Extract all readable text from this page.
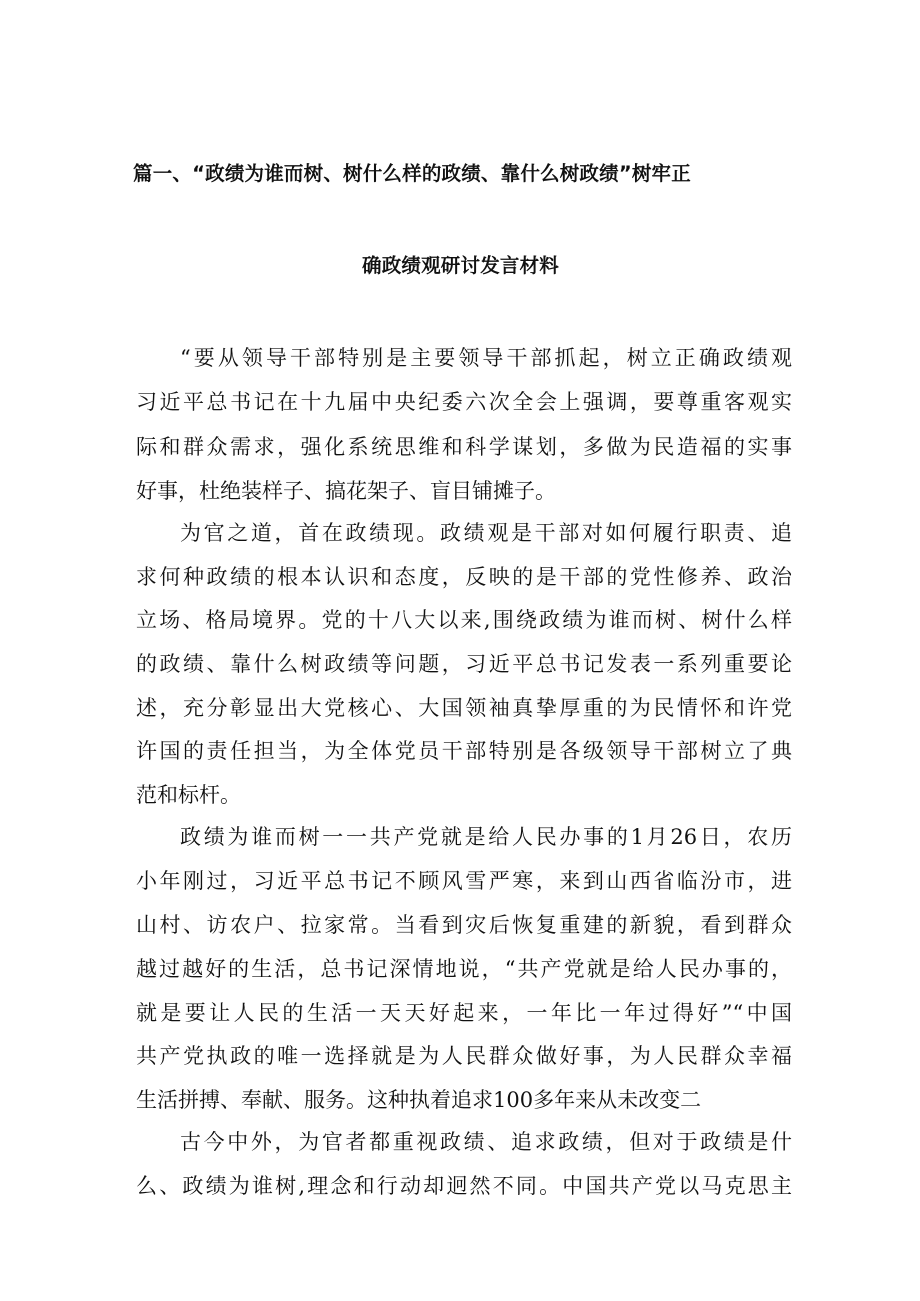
篇一、“政绩为谁而树、树什么样的政绩、靠什么树政绩”树牢正
确政绩观研讨发言材料
“要从领导干部特别是主要领导干部抓起，树立正确政绩观
习近平总书记在十九届中央纪委六次全会上强调，要尊重客观实
际和群众需求，强化系统思维和科学谋划，多做为民造福的实事
好事，杜绝装样子、搞花架子、盲目铺摊子。
为官之道，首在政绩现。政绩观是干部对如何履行职责、追
求何种政绩的根本认识和态度，反映的是干部的党性修养、政治
立场、格局境界。党的十八大以来,围绕政绩为谁而树、树什么样
的政绩、靠什么树政绩等问题，习近平总书记发表一系列重要论
述，充分彰显出大党核心、大国领袖真挚厚重的为民情怀和许党
许国的责任担当，为全体党员干部特别是各级领导干部树立了典
范和标杆。
政绩为谁而树一一共产党就是给人民办事的1月26日，农历
小年刚过，习近平总书记不顾风雪严寒，来到山西省临汾市，进
山村、访农户、拉家常。当看到灾后恢复重建的新貌，看到群众
越过越好的生活，总书记深情地说，“共产党就是给人民办事的，
就是要让人民的生活一天天好起来，一年比一年过得好”“中国
共产党执政的唯一选择就是为人民群众做好事，为人民群众幸福
生活拼搏、奉献、服务。这种执着追求100多年来从未改变二
古今中外，为官者都重视政绩、追求政绩，但对于政绩是什
么、政绩为谁树,理念和行动却迥然不同。中国共产党以马克思主
